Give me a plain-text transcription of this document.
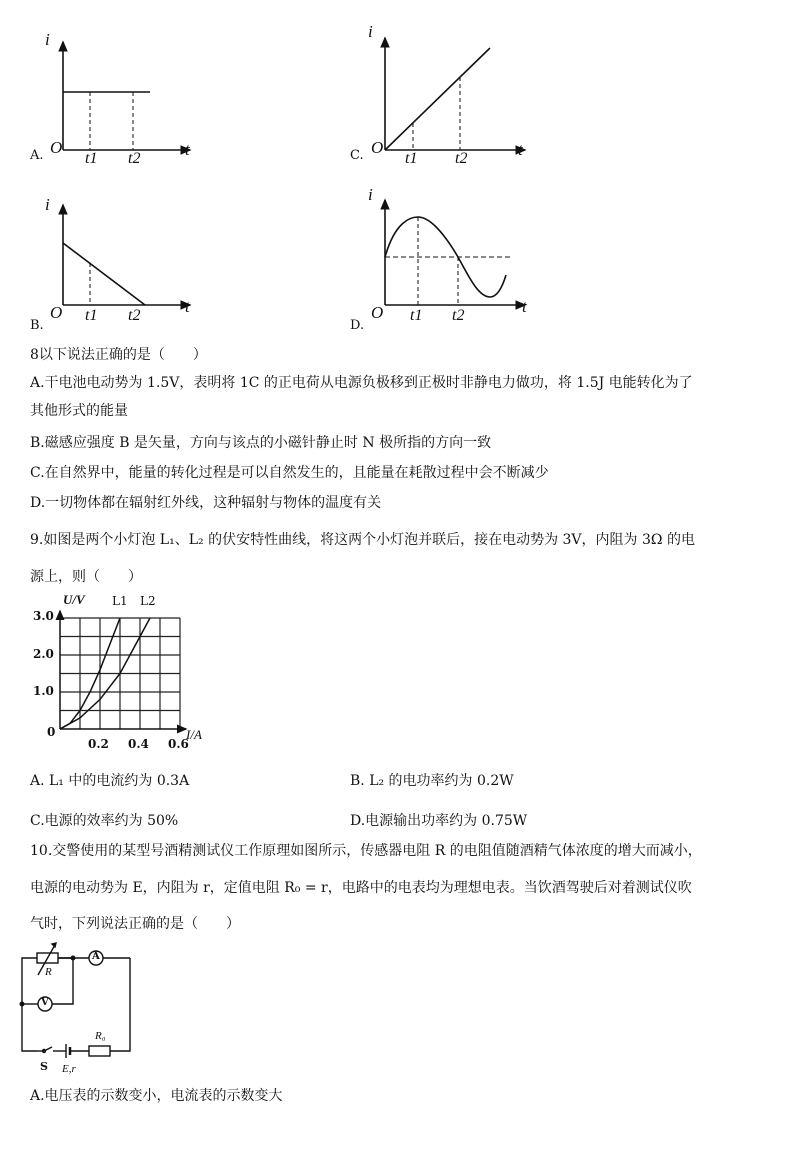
A.
i
O
t1 t2	t	C.
i
O
t1 t2	t
B.
i
O t1 t2	t
D.
i
O t1 t2	t
8以下说法正确的是（　　）
A.干电池电动势为 1.5V，表明将 1C 的正电荷从电源负极移到正极时非静电力做功，将 1.5J 电能转化为了
其他形式的能量
B.磁感应强度 B 是矢量，方向与该点的小磁针静止时 N 极所指的方向一致
C.在自然界中，能量的转化过程是可以自然发生的，且能量在耗散过程中会不断减少
D.一切物体都在辐射红外线，这种辐射与物体的温度有关
9.如图是两个小灯泡 L₁、L₂ 的伏安特性曲线，将这两个小灯泡并联后，接在电动势为 3V，内阻为 3Ω 的电
源上，则（　　）
U/V L1 L2
I/A
0
0.2 0.4 0.6
1.0
2.0
3.0
A. L₁ 中的电流约为 0.3A	B. L₂ 的电功率约为 0.2W
C.电源的效率约为 50%	D.电源输出功率约为 0.75W
10.交警使用的某型号酒精测试仪工作原理如图所示，传感器电阻 R 的电阻值随酒精气体浓度的增大而减小，
电源的电动势为 E，内阻为 r，定值电阻 R₀ = r，电路中的电表均为理想电表。当饮酒驾驶后对着测试仪吹
气时，下列说法正确的是（　　）
R
A
V
R₀
S E,r
A.电压表的示数变小，电流表的示数变大
